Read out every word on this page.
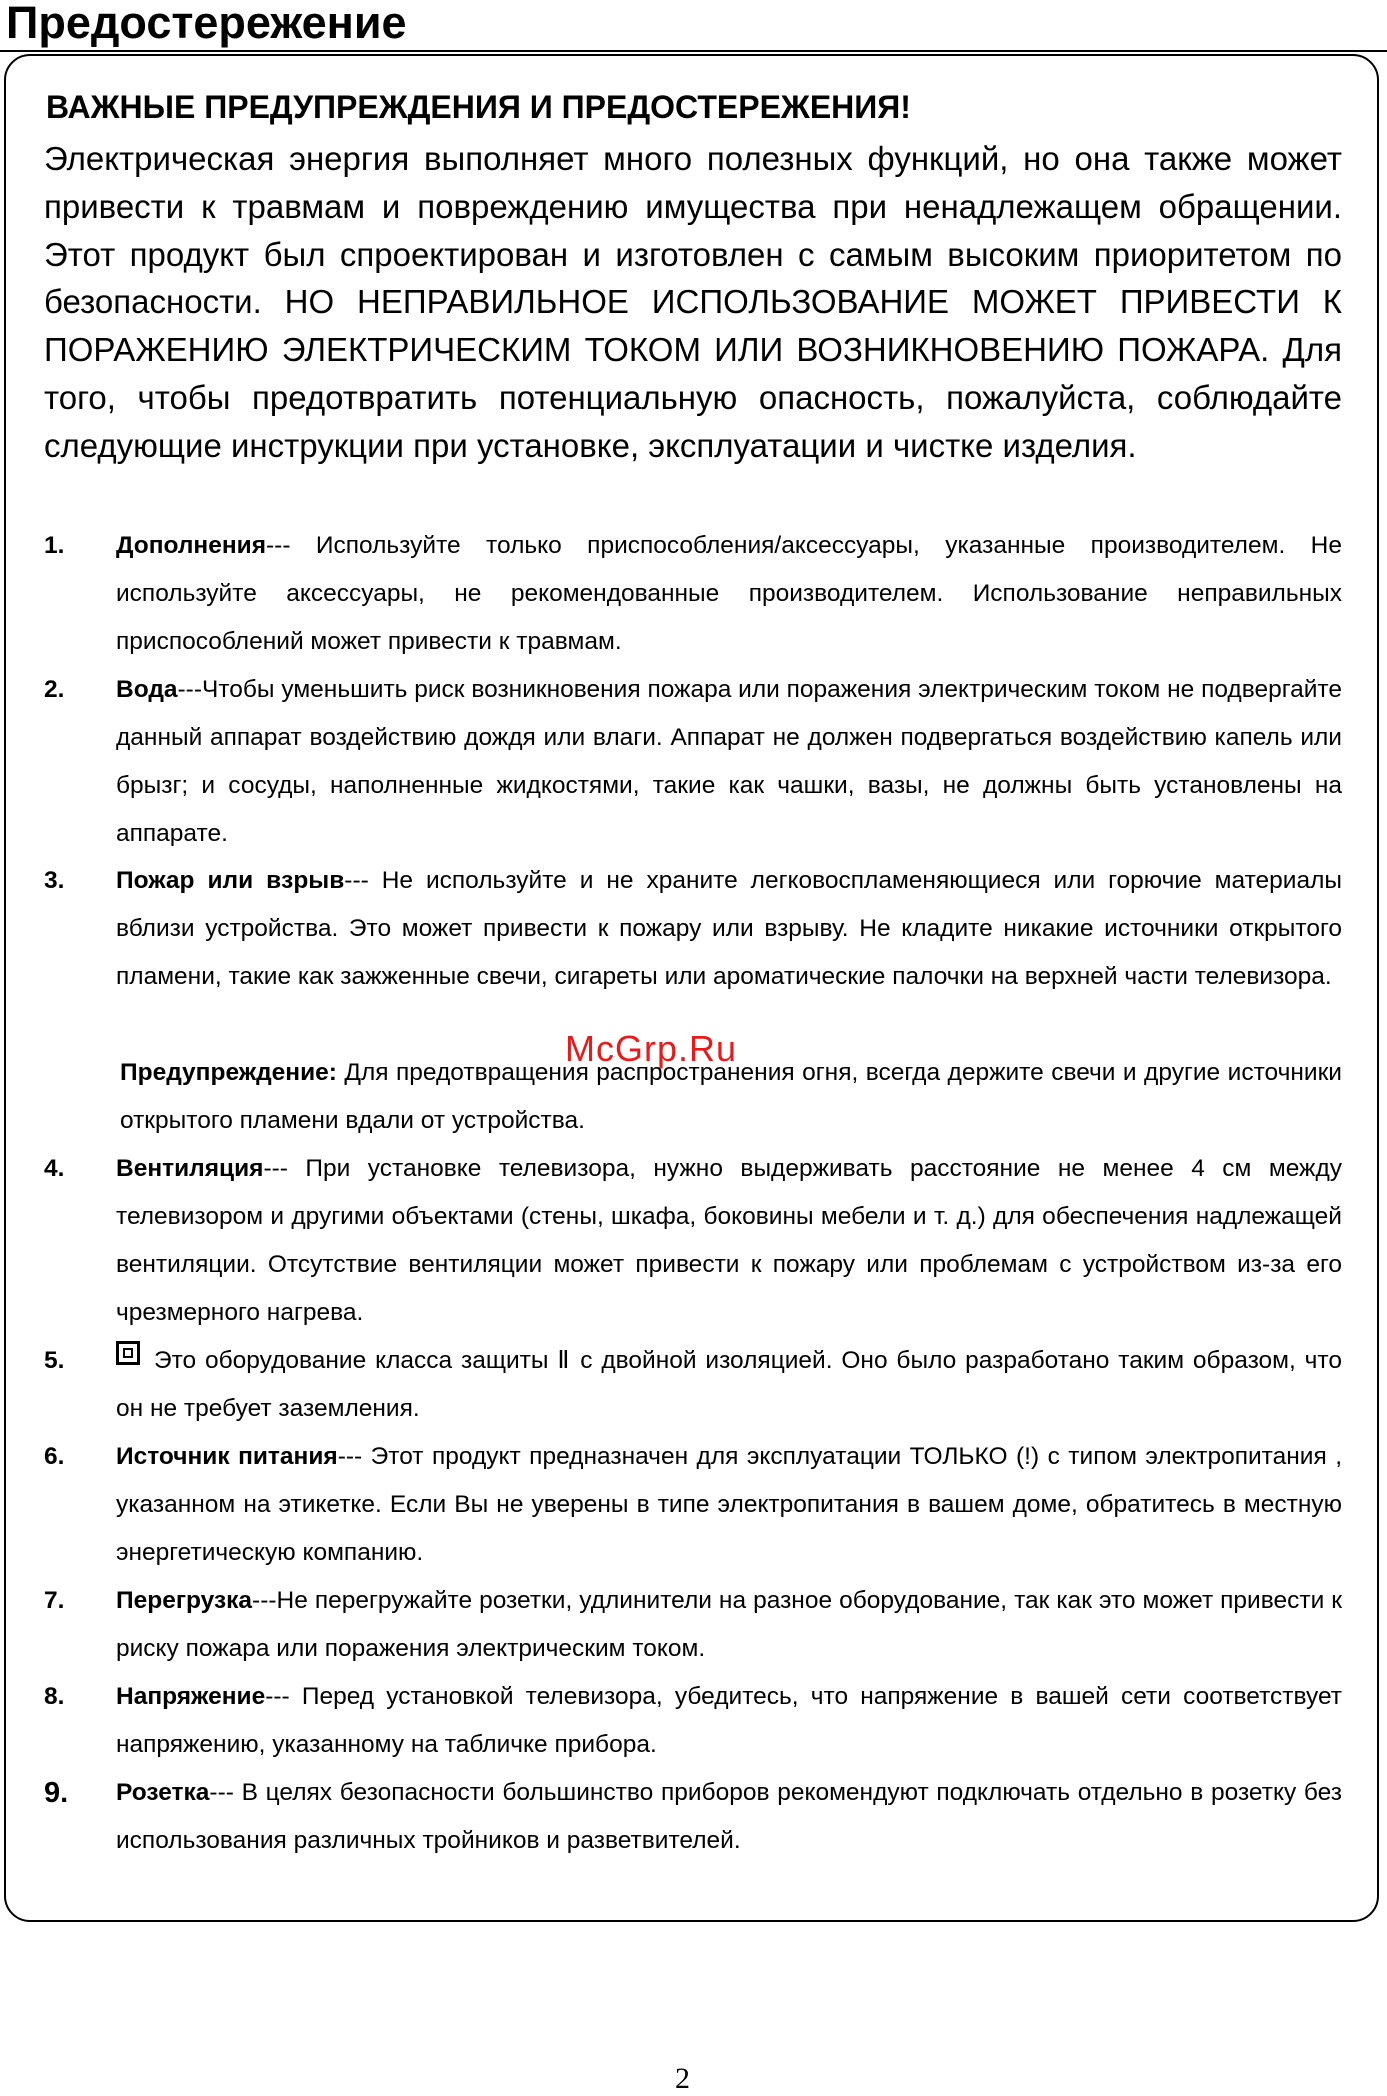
Предостережение
ВАЖНЫЕ ПРЕДУПРЕЖДЕНИЯ И ПРЕДОСТЕРЕЖЕНИЯ!

Электрическая энергия выполняет много полезных функций, но она также может привести к травмам и повреждению имущества при ненадлежащем обращении. Этот продукт был спроектирован и изготовлен с самым высоким приоритетом по безопасности. НО НЕПРАВИЛЬНОЕ ИСПОЛЬЗОВАНИЕ МОЖЕТ ПРИВЕСТИ К ПОРАЖЕНИЮ ЭЛЕКТРИЧЕСКИМ ТОКОМ ИЛИ ВОЗНИКНОВЕНИЮ ПОЖАРА. Для того, чтобы предотвратить потенциальную опасность, пожалуйста, соблюдайте следующие инструкции при установке, эксплуатации и чистке изделия.

1.	Дополнения--- Используйте только приспособления/аксессуары, указанные производителем. Не используйте аксессуары, не рекомендованные производителем. Использование неправильных приспособлений может привести к травмам.
2.	Вода---Чтобы уменьшить риск возникновения пожара или поражения электрическим током не подвергайте данный аппарат воздействию дождя или влаги. Аппарат не должен подвергаться воздействию капель или брызг; и сосуды, наполненные жидкостями, такие как чашки, вазы, не должны быть установлены на аппарате.
3.	Пожар или взрыв--- Не используйте и не храните легковоспламеняющиеся или горючие материалы вблизи устройства. Это может привести к пожару или взрыву. Не кладите никакие источники открытого пламени, такие как зажженные свечи, сигареты или ароматические палочки на верхней части телевизора.
Предупреждение: Для предотвращения распространения огня, всегда держите свечи и другие источники открытого пламени вдали от устройства.
4.	Вентиляция--- При установке телевизора, нужно выдерживать расстояние не менее 4 см между телевизором и другими объектами (стены, шкафа, боковины мебели и т. д.) для обеспечения надлежащей вентиляции. Отсутствие вентиляции может привести к пожару или проблемам с устройством из-за его чрезмерного нагрева.
5.	Это оборудование класса защиты Ⅱ с двойной изоляцией. Оно было разработано таким образом, что он не требует заземления.
6.	Источник питания--- Этот продукт предназначен для эксплуатации ТОЛЬКО (!) с типом электропитания , указанном на этикетке. Если Вы не уверены в типе электропитания в вашем доме, обратитесь в местную энергетическую компанию.
7.	Перегрузка---Не перегружайте розетки, удлинители на разное оборудование, так как это может привести к риску пожара или поражения электрическим током.
8.	Напряжение--- Перед установкой телевизора, убедитесь, что напряжение в вашей сети соответствует напряжению, указанному на табличке прибора.
9.	Розетка--- В целях безопасности большинство приборов рекомендуют подключать отдельно в розетку без использования различных тройников и разветвителей.
McGrp.Ru
2
